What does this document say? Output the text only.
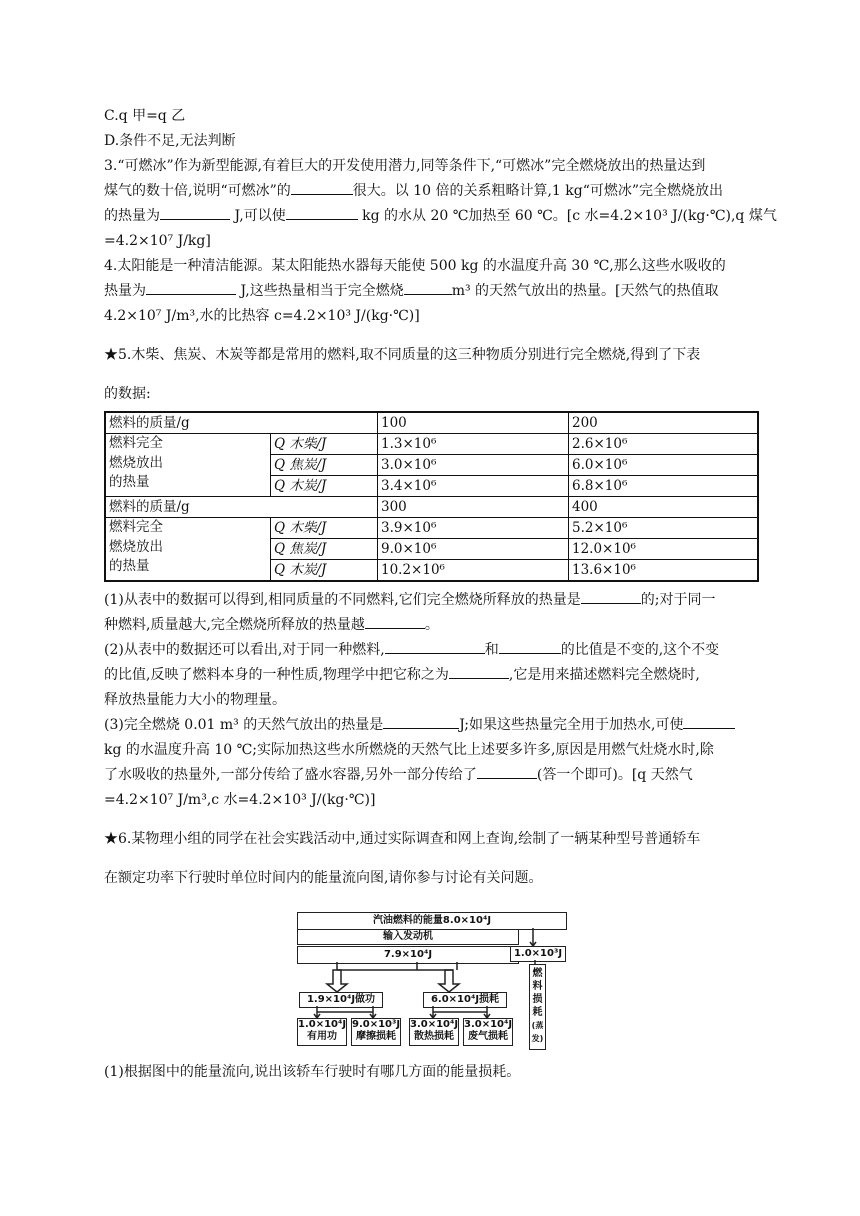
C.q 甲=q 乙
D.条件不足,无法判断
3.“可燃冰”作为新型能源,有着巨大的开发使用潜力,同等条件下,“可燃冰”完全燃烧放出的热量达到
煤气的数十倍,说明“可燃冰”的	很大。以 10 倍的关系粗略计算,1 kg“可燃冰”完全燃烧放出
的热量为	J,可以使	kg 的水从 20 ℃加热至 60 ℃。[c 水=4.2×10³ J/(kg·℃),q 煤气
=4.2×10⁷ J/kg]
4.太阳能是一种清洁能源。某太阳能热水器每天能使 500 kg 的水温度升高 30 ℃,那么这些水吸收的
热量为	J,这些热量相当于完全燃烧	m³ 的天然气放出的热量。[天然气的热值取
4.2×10⁷ J/m³,水的比热容 c=4.2×10³ J/(kg·℃)]
★5.木柴、焦炭、木炭等都是常用的燃料,取不同质量的这三种物质分别进行完全燃烧,得到了下表
的数据:
燃料的质量/g		100	200

燃料完全
燃烧放出
的热量	Q 木柴/J	1.3×10⁶	2.6×10⁶
	Q 焦炭/J	3.0×10⁶	6.0×10⁶
	Q 木炭/J	3.4×10⁶	6.8×10⁶
燃料的质量/g		300	400

燃料完全
燃烧放出
的热量	Q 木柴/J	3.9×10⁶	5.2×10⁶
	Q 焦炭/J	9.0×10⁶	12.0×10⁶
	Q 木炭/J	10.2×10⁶	13.6×10⁶
(1)从表中的数据可以得到,相同质量的不同燃料,它们完全燃烧所释放的热量是	的;对于同一
种燃料,质量越大,完全燃烧所释放的热量越	。
(2)从表中的数据还可以看出,对于同一种燃料,	和	的比值是不变的,这个不变
的比值,反映了燃料本身的一种性质,物理学中把它称之为	,它是用来描述燃料完全燃烧时,
释放热量能力大小的物理量。
(3)完全燃烧 0.01 m³ 的天然气放出的热量是	J;如果这些热量完全用于加热水,可使
kg 的水温度升高 10 ℃;实际加热这些水所燃烧的天然气比上述要多许多,原因是用燃气灶烧水时,除
了水吸收的热量外,一部分传给了盛水容器,另外一部分传给了	(答一个即可)。[q 天然气
=4.2×10⁷ J/m³,c 水=4.2×10³ J/(kg·℃)]
★6.某物理小组的同学在社会实践活动中,通过实际调查和网上查询,绘制了一辆某种型号普通轿车
在额定功率下行驶时单位时间内的能量流向图,请你参与讨论有关问题。
汽油燃料的能量8.0×10⁴J
输入发动机
7.9×10⁴J	1.0×10³J
燃
料
损
耗
(蒸
发)
1.9×10⁴J做功	6.0×10⁴J损耗
1.0×10⁴J
有用功
9.0×10³J
摩擦损耗
3.0×10⁴J
散热损耗
3.0×10⁴J
废气损耗
(1)根据图中的能量流向,说出该轿车行驶时有哪几方面的能量损耗。
